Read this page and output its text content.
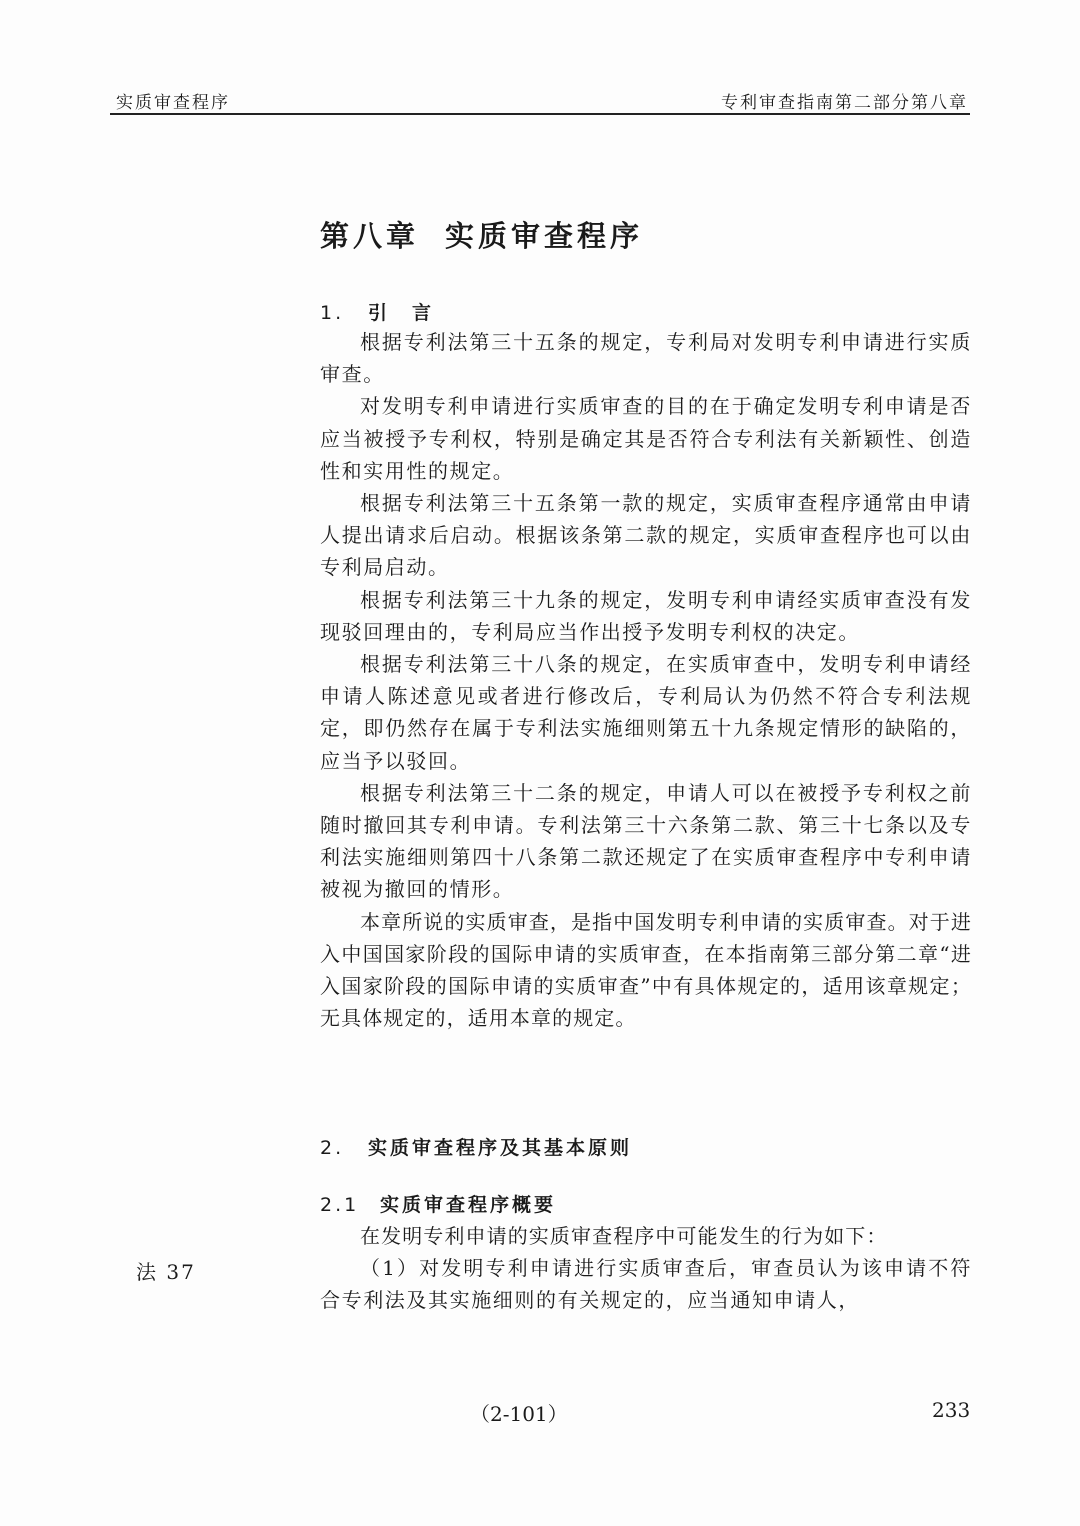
实质审查程序	专利审查指南第二部分第八章
第八章 实质审查程序
1. 引　言

根据专利法第三十五条的规定，专利局对发明专利申请进行实质审查。

对发明专利申请进行实质审查的目的在于确定发明专利申请是否应当被授予专利权，特别是确定其是否符合专利法有关新颖性、创造性和实用性的规定。

根据专利法第三十五条第一款的规定，实质审查程序通常由申请人提出请求后启动。根据该条第二款的规定，实质审查程序也可以由专利局启动。

根据专利法第三十九条的规定，发明专利申请经实质审查没有发现驳回理由的，专利局应当作出授予发明专利权的决定。

根据专利法第三十八条的规定，在实质审查中，发明专利申请经申请人陈述意见或者进行修改后，专利局认为仍然不符合专利法规定，即仍然存在属于专利法实施细则第五十九条规定情形的缺陷的，应当予以驳回。

根据专利法第三十二条的规定，申请人可以在被授予专利权之前随时撤回其专利申请。专利法第三十六条第二款、第三十七条以及专利法实施细则第四十八条第二款还规定了在实质审查程序中专利申请被视为撤回的情形。

本章所说的实质审查，是指中国发明专利申请的实质审查。对于进入中国国家阶段的国际申请的实质审查，在本指南第三部分第二章“进入国家阶段的国际申请的实质审查”中有具体规定的，适用该章规定；无具体规定的，适用本章的规定。

2. 实质审查程序及其基本原则
2.1 实质审查程序概要

在发明专利申请的实质审查程序中可能发生的行为如下：

（1）对发明专利申请进行实质审查后，审查员认为该申请不符合专利法及其实施细则的有关规定的，应当通知申请人，

法 37
（2-101）	233
